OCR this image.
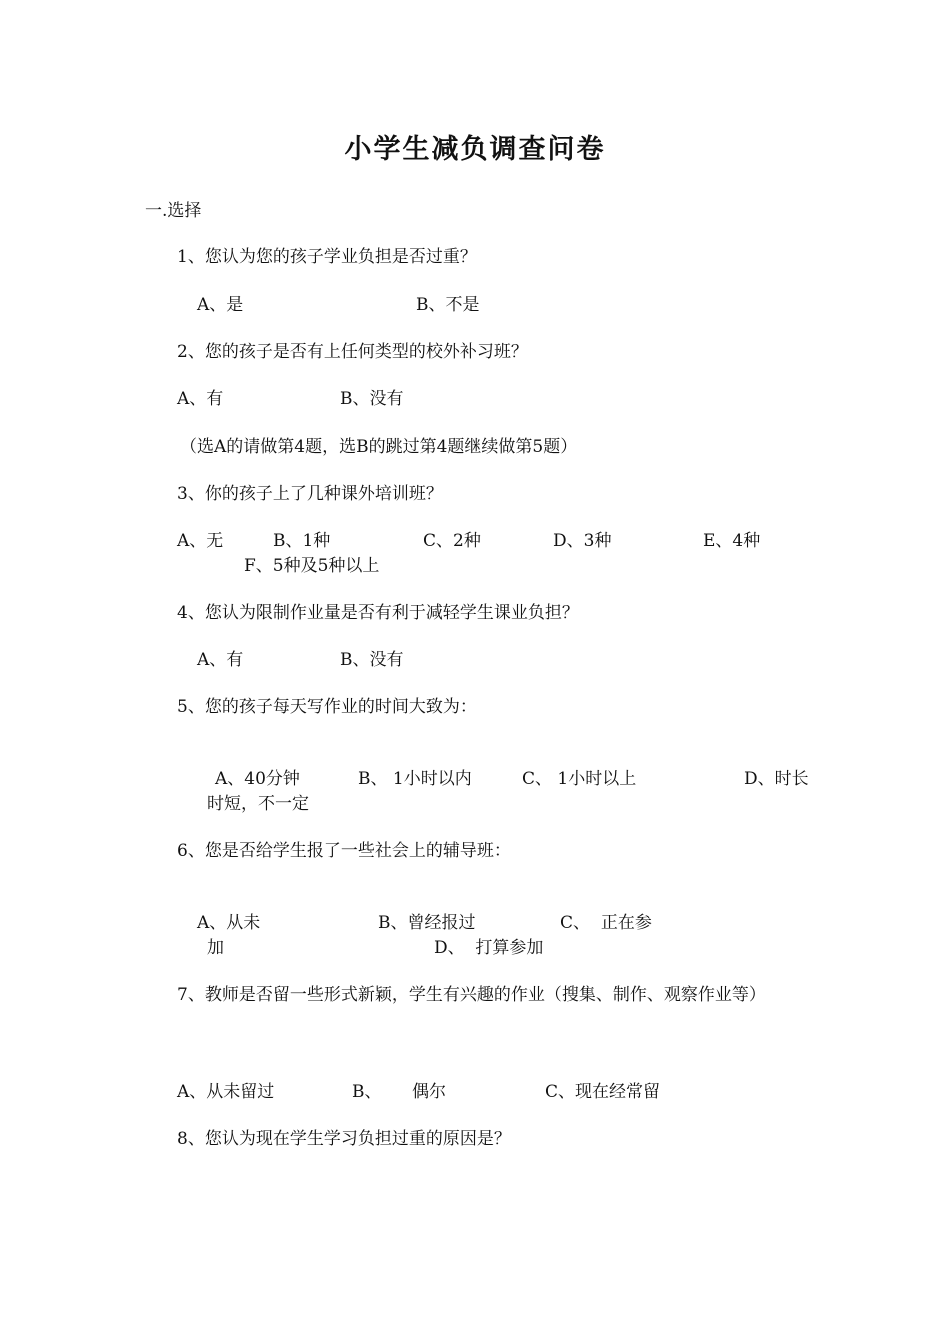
小学生减负调查问卷
一.选择
1、您认为您的孩子学业负担是否过重？
A、是	B、不是
2、您的孩子是否有上任何类型的校外补习班？
A、有	B、没有
（选A的请做第4题，选B的跳过第4题继续做第5题）
3、你的孩子上了几种课外培训班？
A、无	B、1种	C、2种	D、3种	E、4种
F、5种及5种以上
4、您认为限制作业量是否有利于减轻学生课业负担？
A、有	B、没有
5、您的孩子每天写作业的时间大致为：
A、40分钟	B、 1小时以内	C、 1小时以上	D、时长
时短，不一定
6、您是否给学生报了一些社会上的辅导班：
A、从未	B、曾经报过	C、  正在参
加	D、  打算参加
7、教师是否留一些形式新颖，学生有兴趣的作业（搜集、制作、观察作业等）
A、从未留过	B、 偶尔	C、现在经常留
8、您认为现在学生学习负担过重的原因是？
